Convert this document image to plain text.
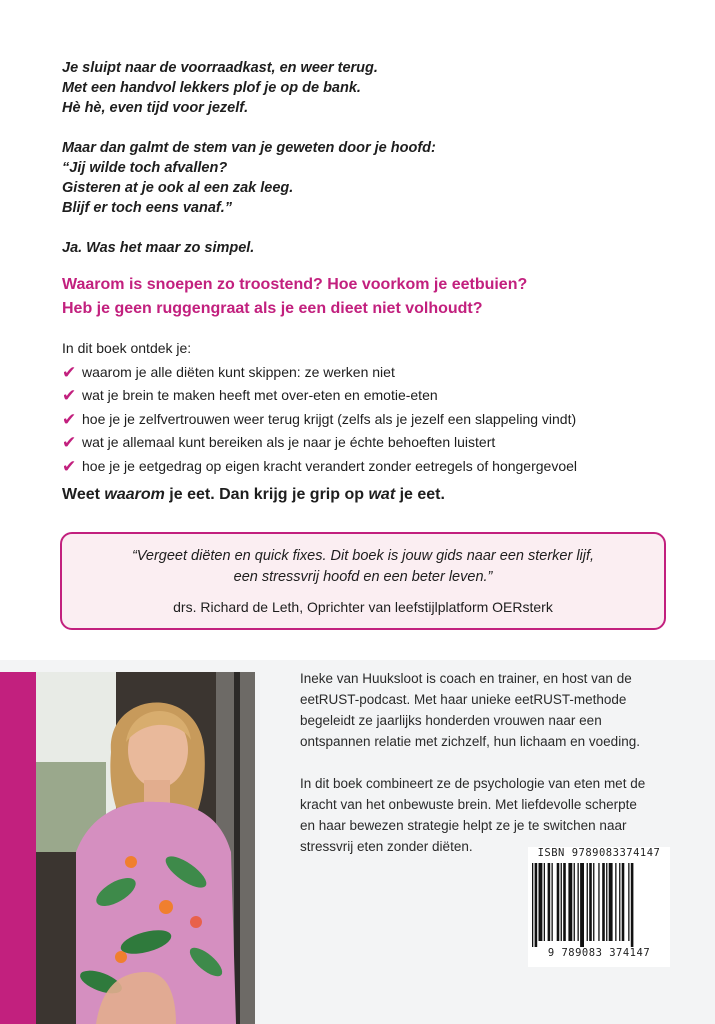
Je sluipt naar de voorraadkast, en weer terug.

Met een handvol lekkers plof je op de bank.

Hè hè, even tijd voor jezelf.

Maar dan galmt de stem van je geweten door je hoofd:

“Jij wilde toch afvallen?

Gisteren at je ook al een zak leeg.

Blijf er toch eens vanaf.”

Ja. Was het maar zo simpel.

Waarom is snoepen zo troostend? Hoe voorkom je eetbuien?

Heb je geen ruggengraat als je een dieet niet volhoudt?

In dit boek ontdek je:

✔ waarom je alle diëten kunt skippen: ze werken niet
✔ wat je brein te maken heeft met over-eten en emotie-eten
✔ hoe je je zelfvertrouwen weer terug krijgt (zelfs als je jezelf een slappeling vindt)
✔ wat je allemaal kunt bereiken als je naar je échte behoeften luistert
✔ hoe je je eetgedrag op eigen kracht verandert zonder eetregels of hongergevoel
Weet waarom je eet. Dan krijg je grip op wat je eet.

“Vergeet diëten en quick fixes. Dit boek is jouw gids naar een sterker lijf,

een stressvrij hoofd en een beter leven.”

drs. Richard de Leth, Oprichter van leefstijlplatform OERsterk

Ineke van Huuksloot is coach en trainer, en host van de

eetRUST-podcast. Met haar unieke eetRUST-methode

begeleidt ze jaarlijks honderden vrouwen naar een

ontspannen relatie met zichzelf, hun lichaam en voeding.

In dit boek combineert ze de psychologie van eten met de

kracht van het onbewuste brein. Met liefdevolle scherpte

en haar bewezen strategie helpt ze je te switchen naar

stressvrij eten zonder diëten.	ISBN 9789083374147
9 789083 374147
